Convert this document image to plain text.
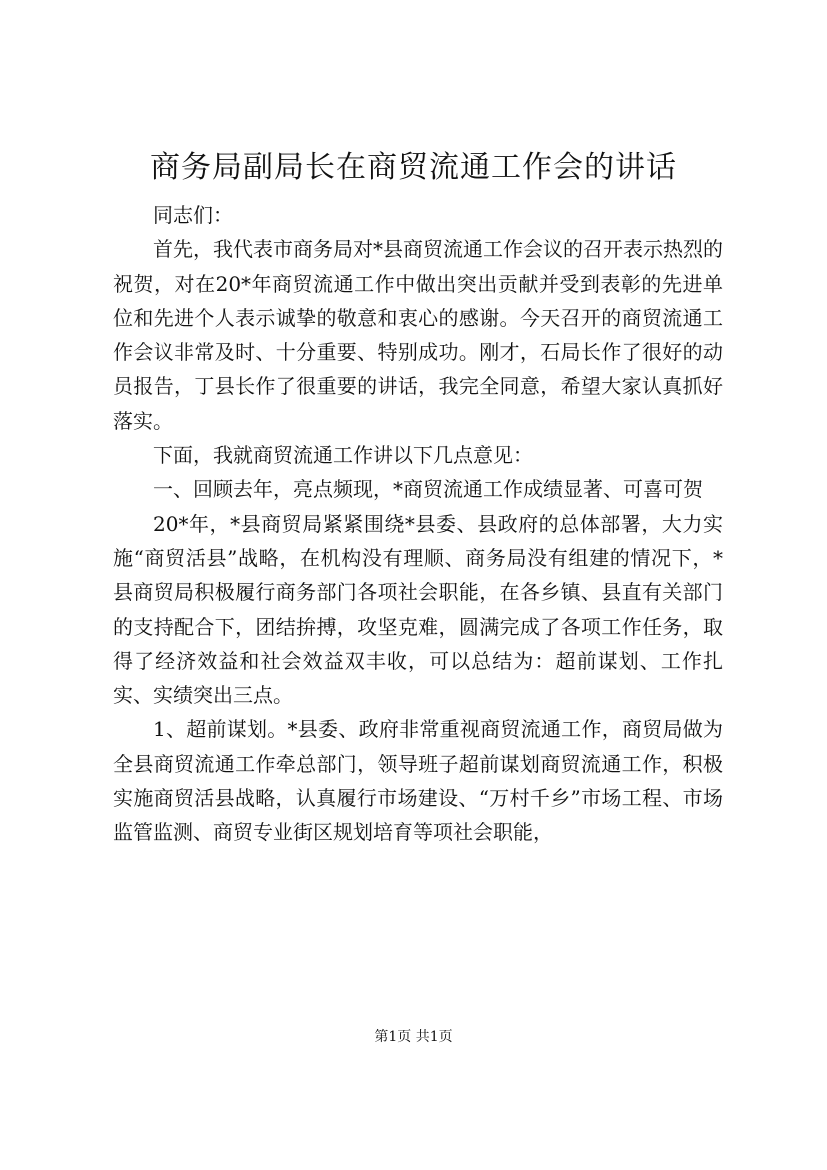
商务局副局长在商贸流通工作会的讲话

同志们：

首先，我代表市商务局对*县商贸流通工作会议的召开表示热烈的祝贺，对在20*年商贸流通工作中做出突出贡献并受到表彰的先进单位和先进个人表示诚挚的敬意和衷心的感谢。今天召开的商贸流通工作会议非常及时、十分重要、特别成功。刚才，石局长作了很好的动员报告，丁县长作了很重要的讲话，我完全同意，希望大家认真抓好落实。

下面，我就商贸流通工作讲以下几点意见：

一、回顾去年，亮点频现，*商贸流通工作成绩显著、可喜可贺

20*年，*县商贸局紧紧围绕*县委、县政府的总体部署，大力实施“商贸活县”战略，在机构没有理顺、商务局没有组建的情况下，*县商贸局积极履行商务部门各项社会职能，在各乡镇、县直有关部门的支持配合下，团结拚搏，攻坚克难，圆满完成了各项工作任务，取得了经济效益和社会效益双丰收，可以总结为：超前谋划、工作扎实、实绩突出三点。

1、超前谋划。*县委、政府非常重视商贸流通工作，商贸局做为全县商贸流通工作牵总部门，领导班子超前谋划商贸流通工作，积极实施商贸活县战略，认真履行市场建设、“万村千乡”市场工程、市场监管监测、商贸专业街区规划培育等项社会职能，

第1页 共1页
